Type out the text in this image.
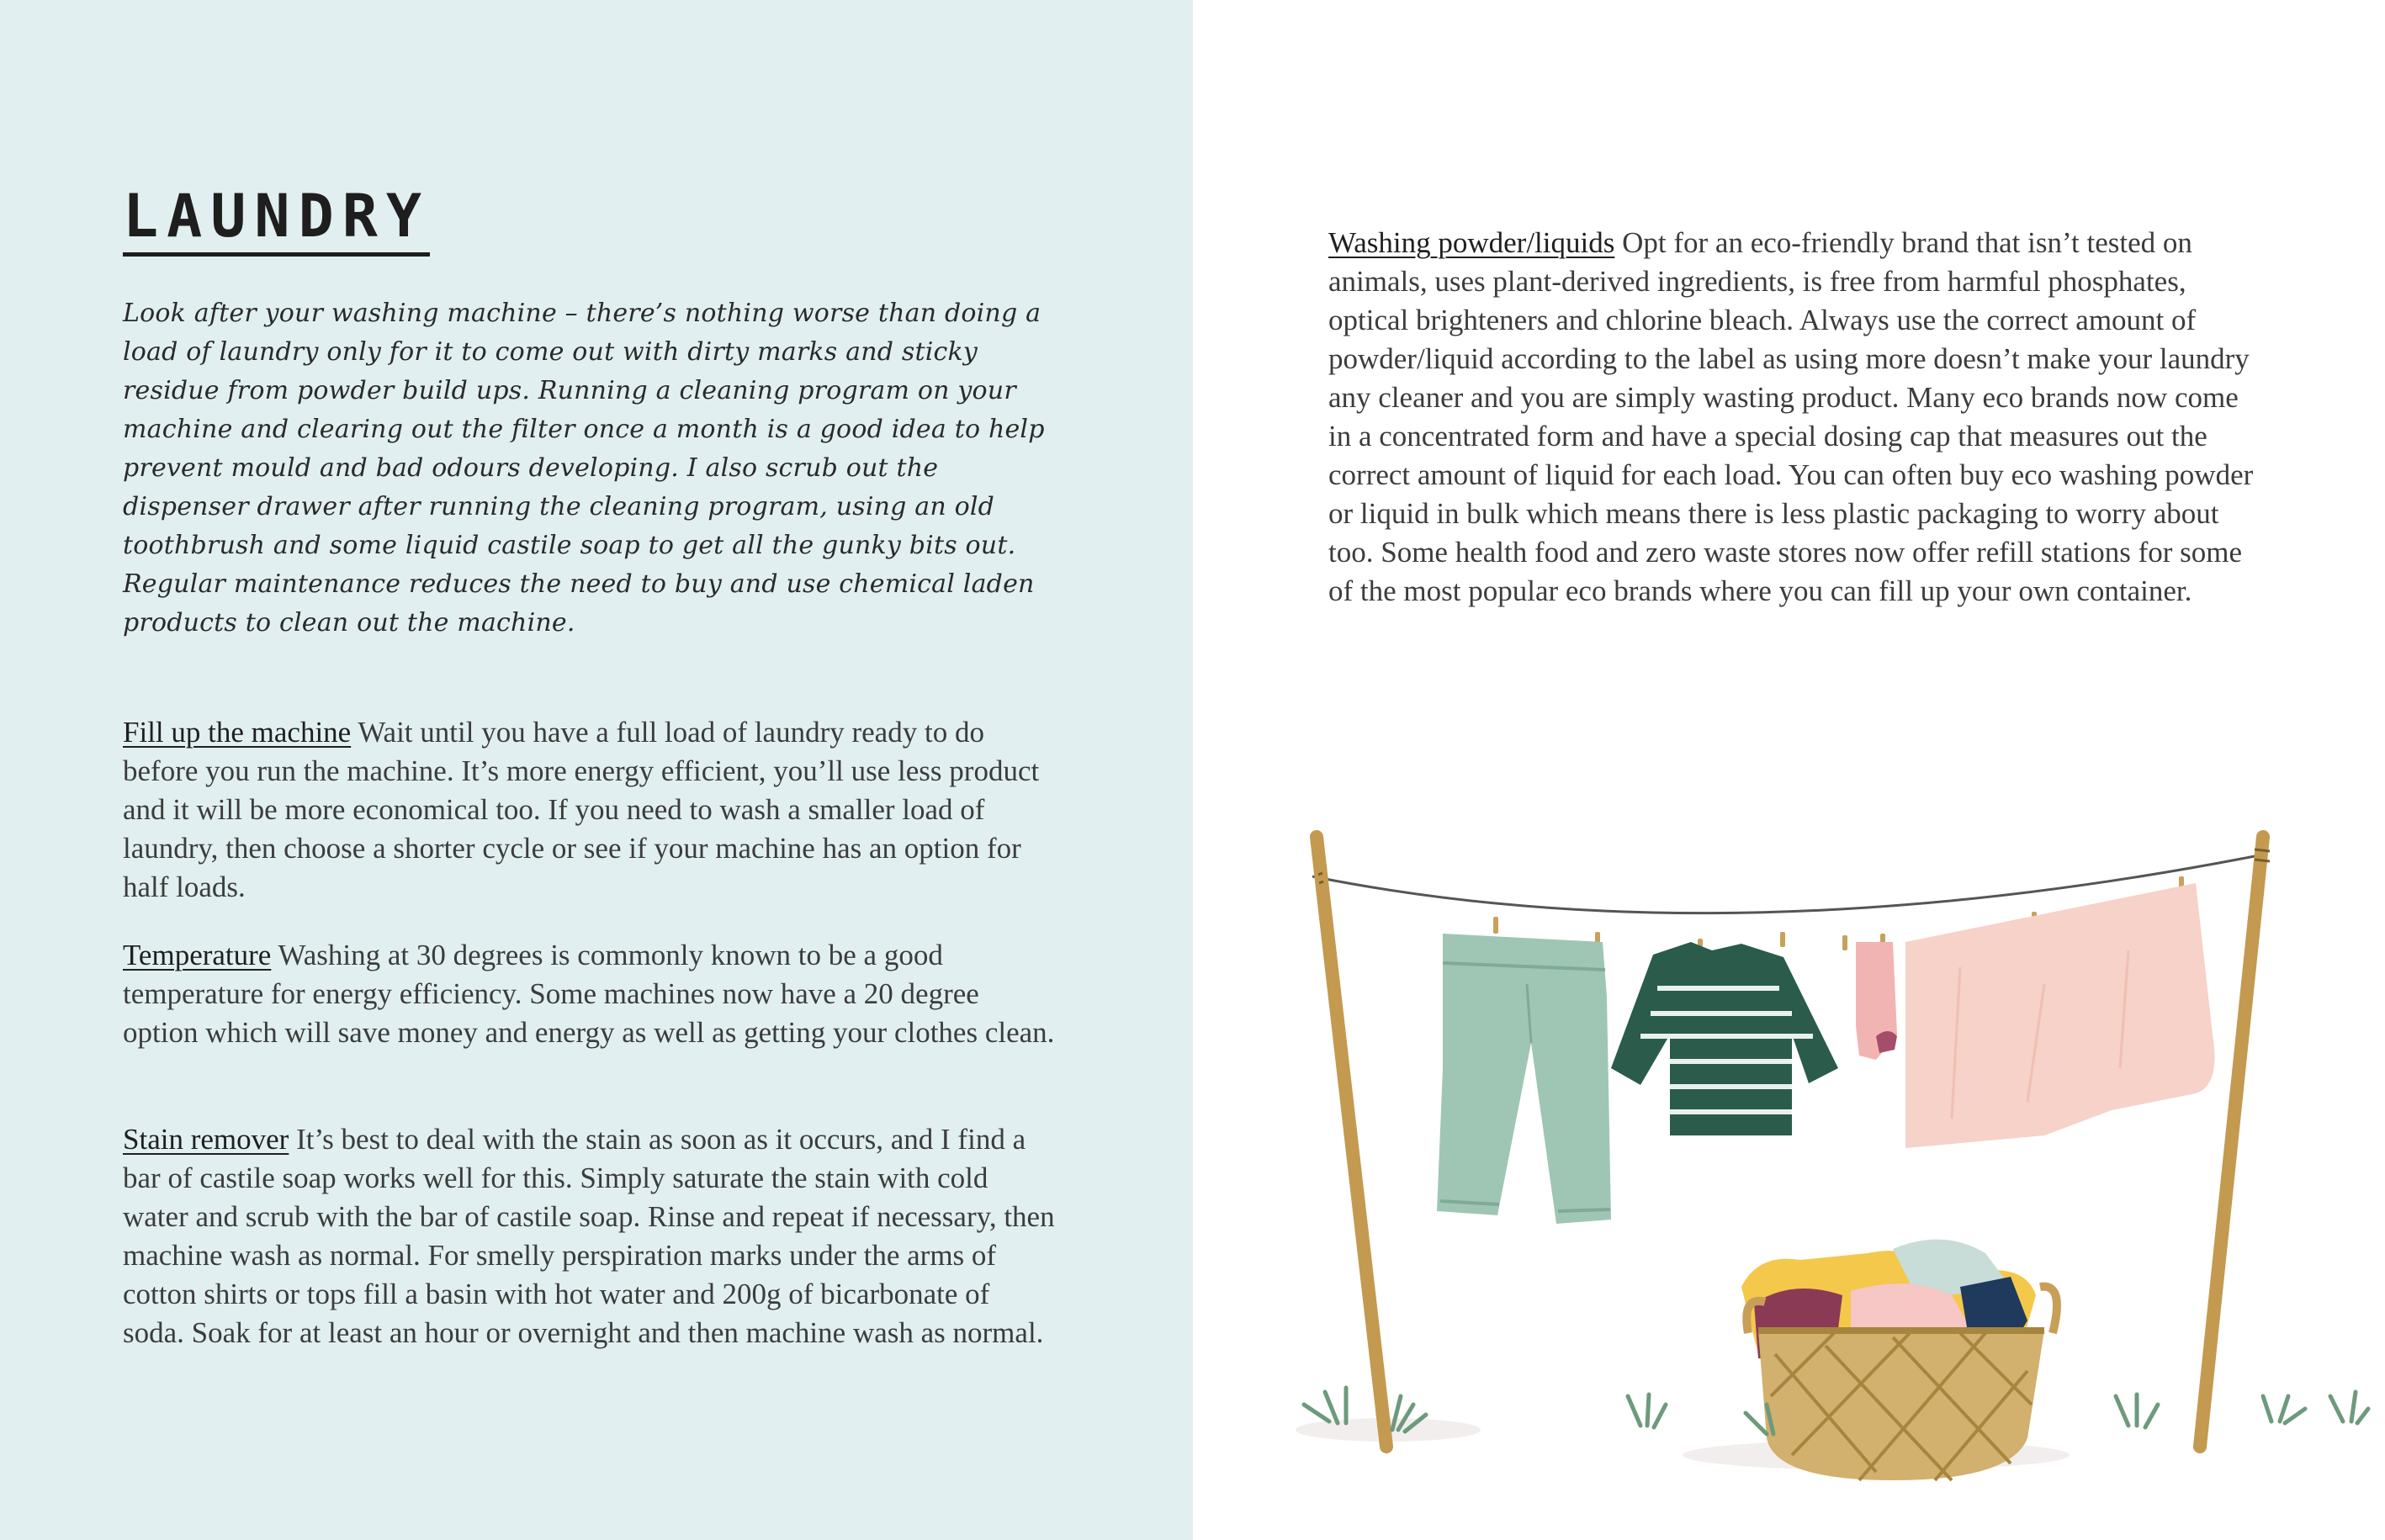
LAUNDRY

Look after your washing machine – there’s nothing worse than doing a load of laundry only for it to come out with dirty marks and sticky residue from powder build ups. Running a cleaning program on your machine and clearing out the filter once a month is a good idea to help prevent mould and bad odours developing. I also scrub out the dispenser drawer after running the cleaning program, using an old toothbrush and some liquid castile soap to get all the gunky bits out. Regular maintenance reduces the need to buy and use chemical laden products to clean out the machine.

Fill up the machine Wait until you have a full load of laundry ready to do before you run the machine. It’s more energy efficient, you’ll use less product and it will be more economical too. If you need to wash a smaller load of laundry, then choose a shorter cycle or see if your machine has an option for half loads.

Temperature Washing at 30 degrees is commonly known to be a good temperature for energy efficiency. Some machines now have a 20 degree option which will save money and energy as well as getting your clothes clean.

Stain remover It’s best to deal with the stain as soon as it occurs, and I find a bar of castile soap works well for this. Simply saturate the stain with cold water and scrub with the bar of castile soap. Rinse and repeat if necessary, then machine wash as normal. For smelly perspiration marks under the arms of cotton shirts or tops fill a basin with hot water and 200g of bicarbonate of soda. Soak for at least an hour or overnight and then machine wash as normal.

Washing powder/liquids Opt for an eco-friendly brand that isn’t tested on animals, uses plant-derived ingredients, is free from harmful phosphates, optical brighteners and chlorine bleach. Always use the correct amount of powder/liquid according to the label as using more doesn’t make your laundry any cleaner and you are simply wasting product. Many eco brands now come in a concentrated form and have a special dosing cap that measures out the correct amount of liquid for each load. You can often buy eco washing powder or liquid in bulk which means there is less plastic packaging to worry about too. Some health food and zero waste stores now offer refill stations for some of the most popular eco brands where you can fill up your own container.
